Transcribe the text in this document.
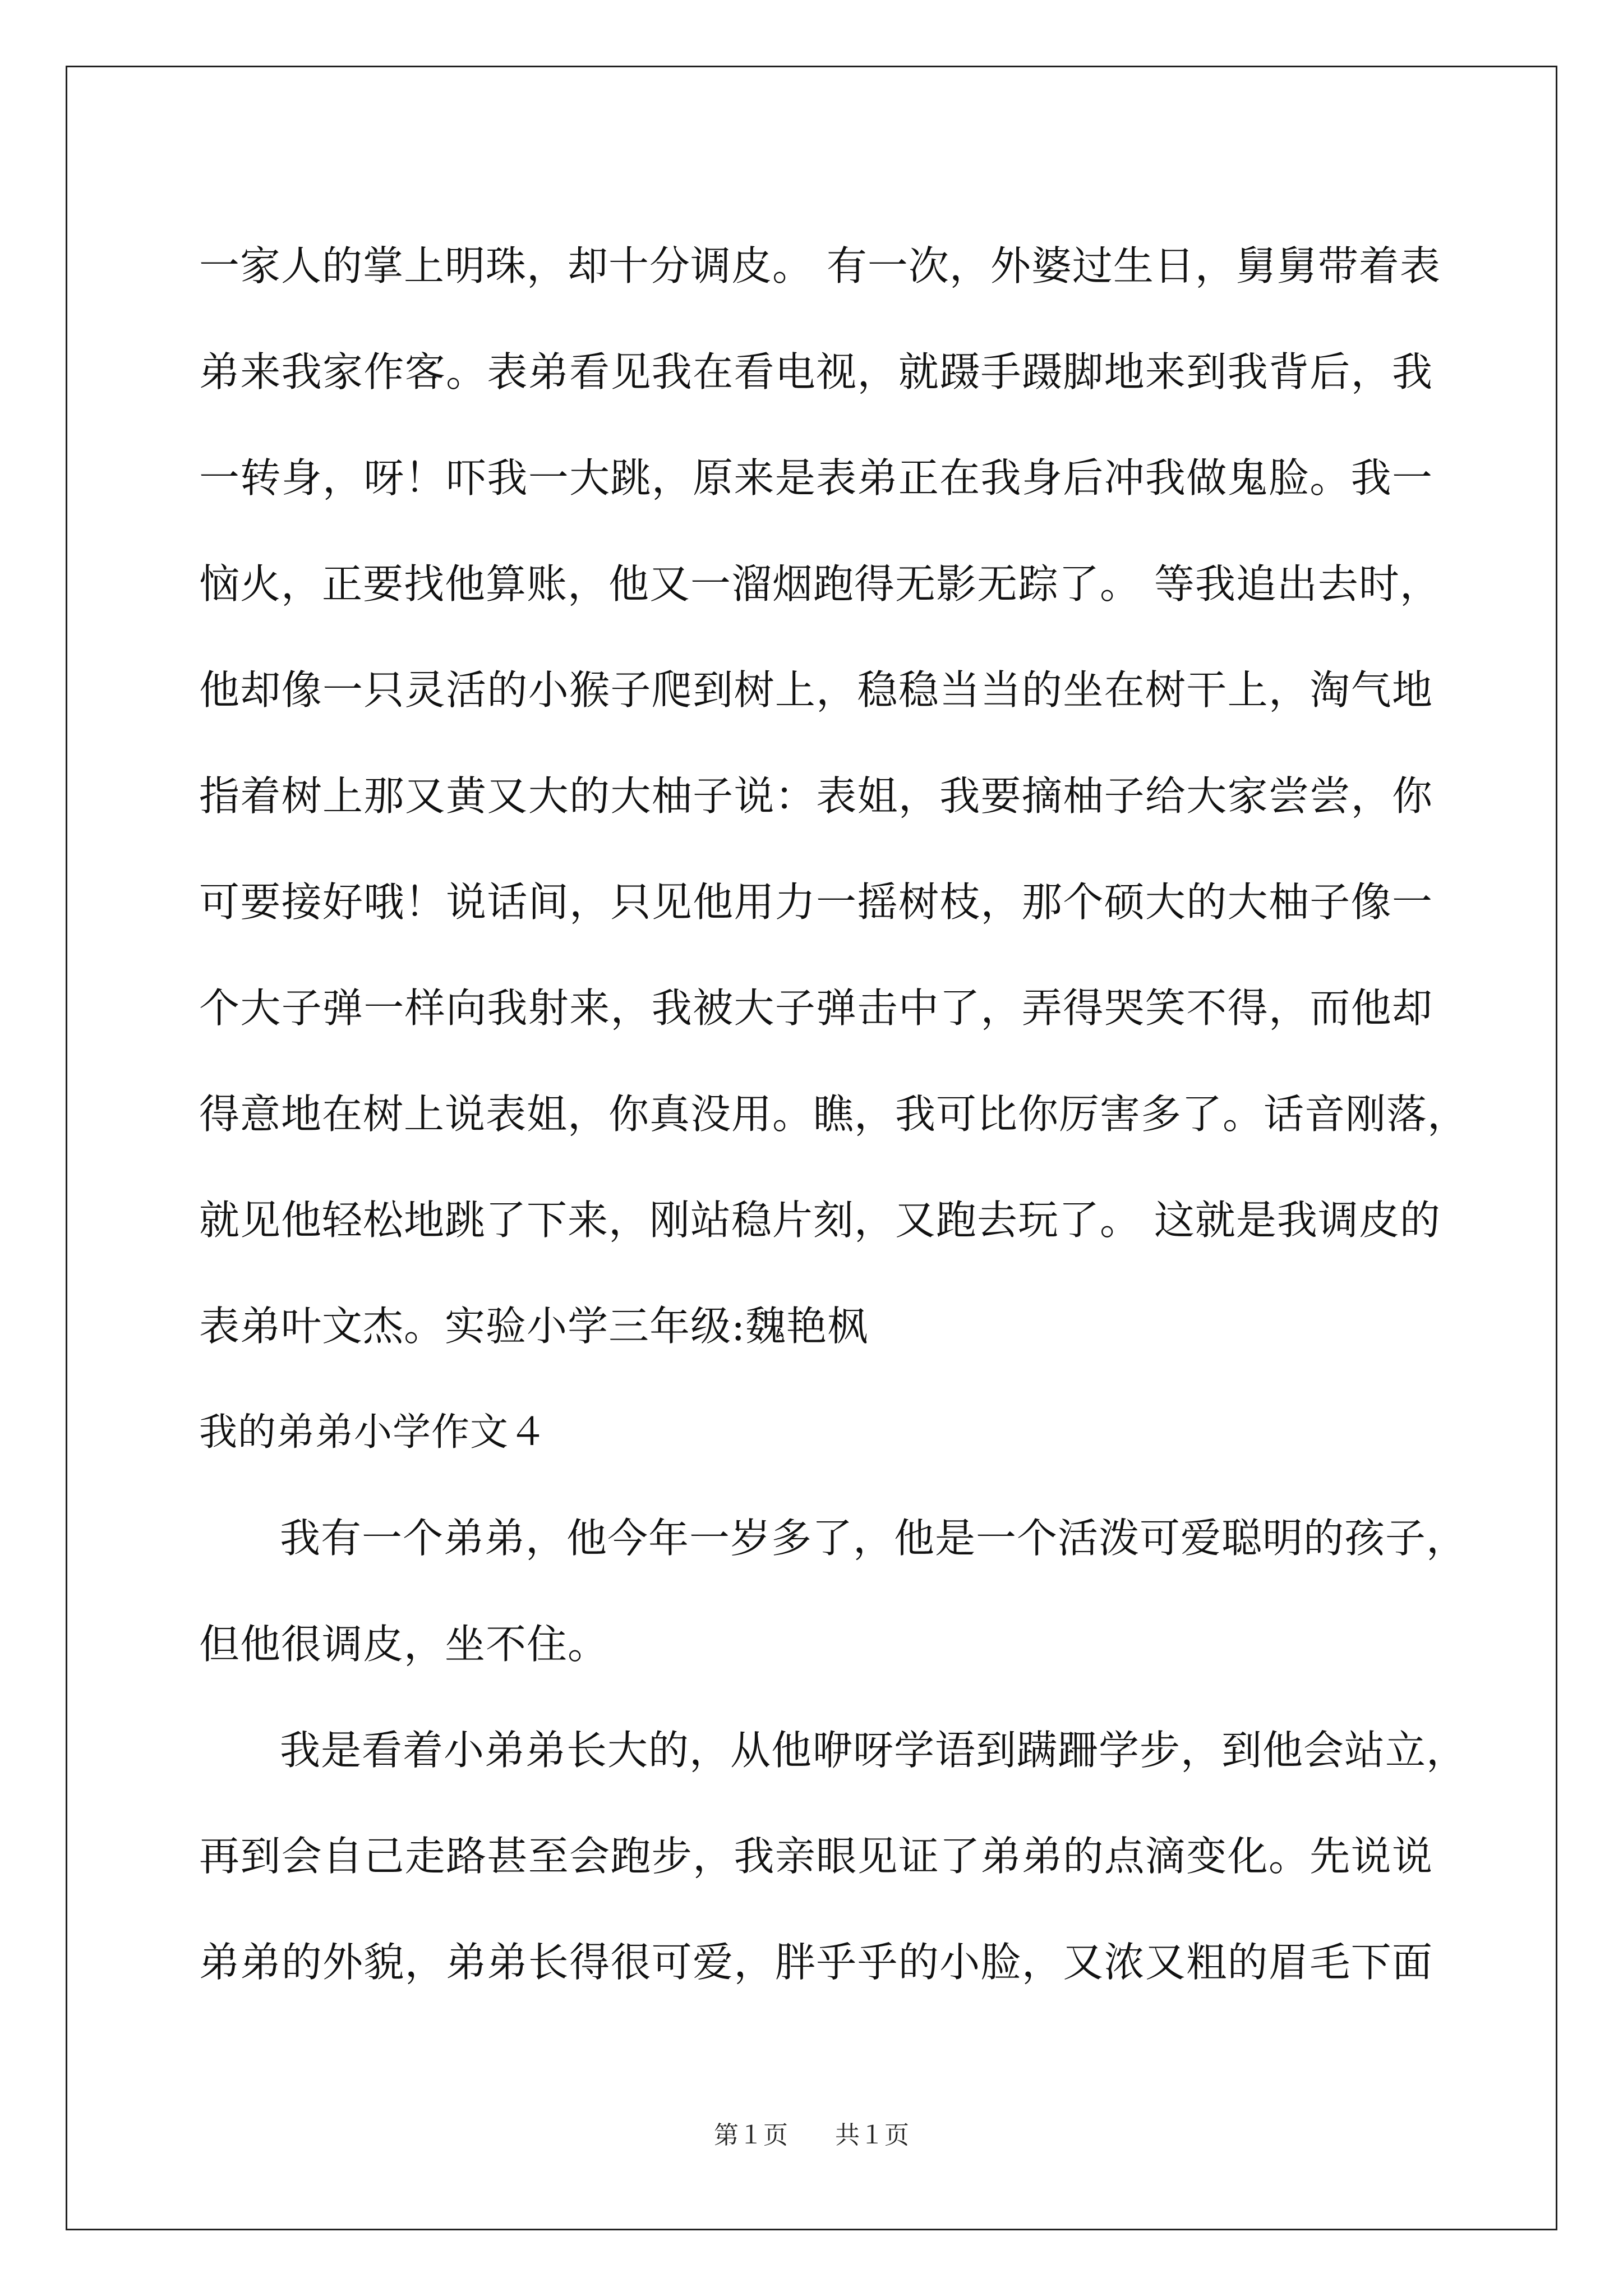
一家人的掌上明珠，却十分调皮。 有一次，外婆过生日，舅舅带着表
弟来我家作客。表弟看见我在看电视，就蹑手蹑脚地来到我背后，我
一转身，呀！吓我一大跳，原来是表弟正在我身后冲我做鬼脸。我一
恼火，正要找他算账，他又一溜烟跑得无影无踪了。 等我追出去时，
他却像一只灵活的小猴子爬到树上，稳稳当当的坐在树干上，淘气地
指着树上那又黄又大的大柚子说：表姐，我要摘柚子给大家尝尝，你
可要接好哦！说话间，只见他用力一摇树枝，那个硕大的大柚子像一
个大子弹一样向我射来，我被大子弹击中了，弄得哭笑不得，而他却
得意地在树上说表姐，你真没用。瞧，我可比你厉害多了。话音刚落，
就见他轻松地跳了下来，刚站稳片刻，又跑去玩了。 这就是我调皮的
表弟叶文杰。实验小学三年级:魏艳枫
我的弟弟小学作文４
我有一个弟弟，他今年一岁多了，他是一个活泼可爱聪明的孩子，
但他很调皮，坐不住。
我是看着小弟弟长大的，从他咿呀学语到蹒跚学步，到他会站立，
再到会自己走路甚至会跑步，我亲眼见证了弟弟的点滴变化。先说说
弟弟的外貌，弟弟长得很可爱，胖乎乎的小脸，又浓又粗的眉毛下面
第１页 共１页
